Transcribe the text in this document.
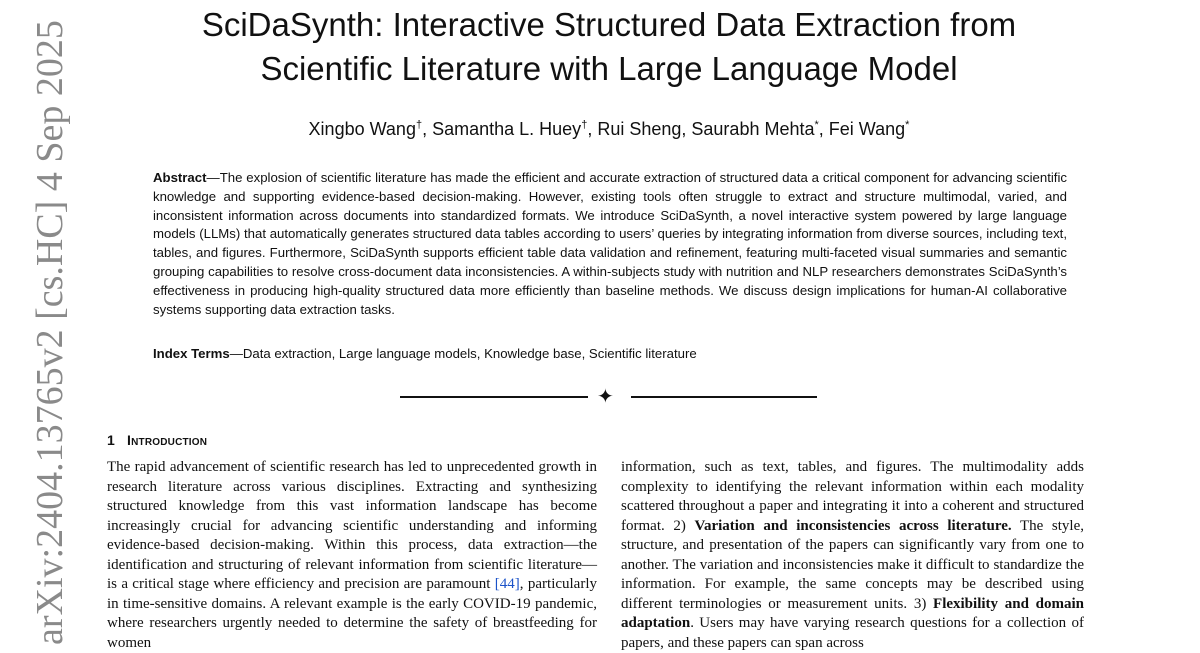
SciDaSynth: Interactive Structured Data Extraction from
Scientific Literature with Large Language Model
Xingbo Wang†, Samantha L. Huey†, Rui Sheng, Saurabh Mehta*, Fei Wang*

Abstract—The explosion of scientific literature has made the efficient and accurate extraction of structured data a critical component for advancing scientific knowledge and supporting evidence-based decision-making. However, existing tools often struggle to extract and structure multimodal, varied, and inconsistent information across documents into standardized formats. We introduce SciDaSynth, a novel interactive system powered by large language models (LLMs) that automatically generates structured data tables according to users’ queries by integrating information from diverse sources, including text, tables, and figures. Furthermore, SciDaSynth supports efficient table data validation and refinement, featuring multi-faceted visual summaries and semantic grouping capabilities to resolve cross-document data inconsistencies. A within-subjects study with nutrition and NLP researchers demonstrates SciDaSynth’s effectiveness in producing high-quality structured data more efficiently than baseline methods. We discuss design implications for human-AI collaborative systems supporting data extraction tasks.

Index Terms—Data extraction, Large language models, Knowledge base, Scientific literature

✦
arXiv:2404.13765v2 [cs.HC] 4 Sep 2025	1 Introduction

The rapid advancement of scientific research has led to unprecedented growth in research literature across various disciplines. Extracting and synthesizing structured knowledge from this vast information landscape has become increasingly crucial for advancing scientific understanding and informing evidence-based decision-making. Within this process, data extraction—the identification and structuring of relevant information from scientific literature—is a critical stage where efficiency and precision are paramount [44], particularly in time-sensitive domains. A relevant example is the early COVID-19 pandemic, where researchers urgently needed to determine the safety of breastfeeding for women

information, such as text, tables, and figures. The multimodality adds complexity to identifying the relevant information within each modality scattered throughout a paper and integrating it into a coherent and structured format. 2) Variation and inconsistencies across literature. The style, structure, and presentation of the papers can significantly vary from one to another. The variation and inconsistencies make it difficult to standardize the information. For example, the same concepts may be described using different terminologies or measurement units. 3) Flexibility and domain adaptation. Users may have varying research questions for a collection of papers, and these papers can span across
